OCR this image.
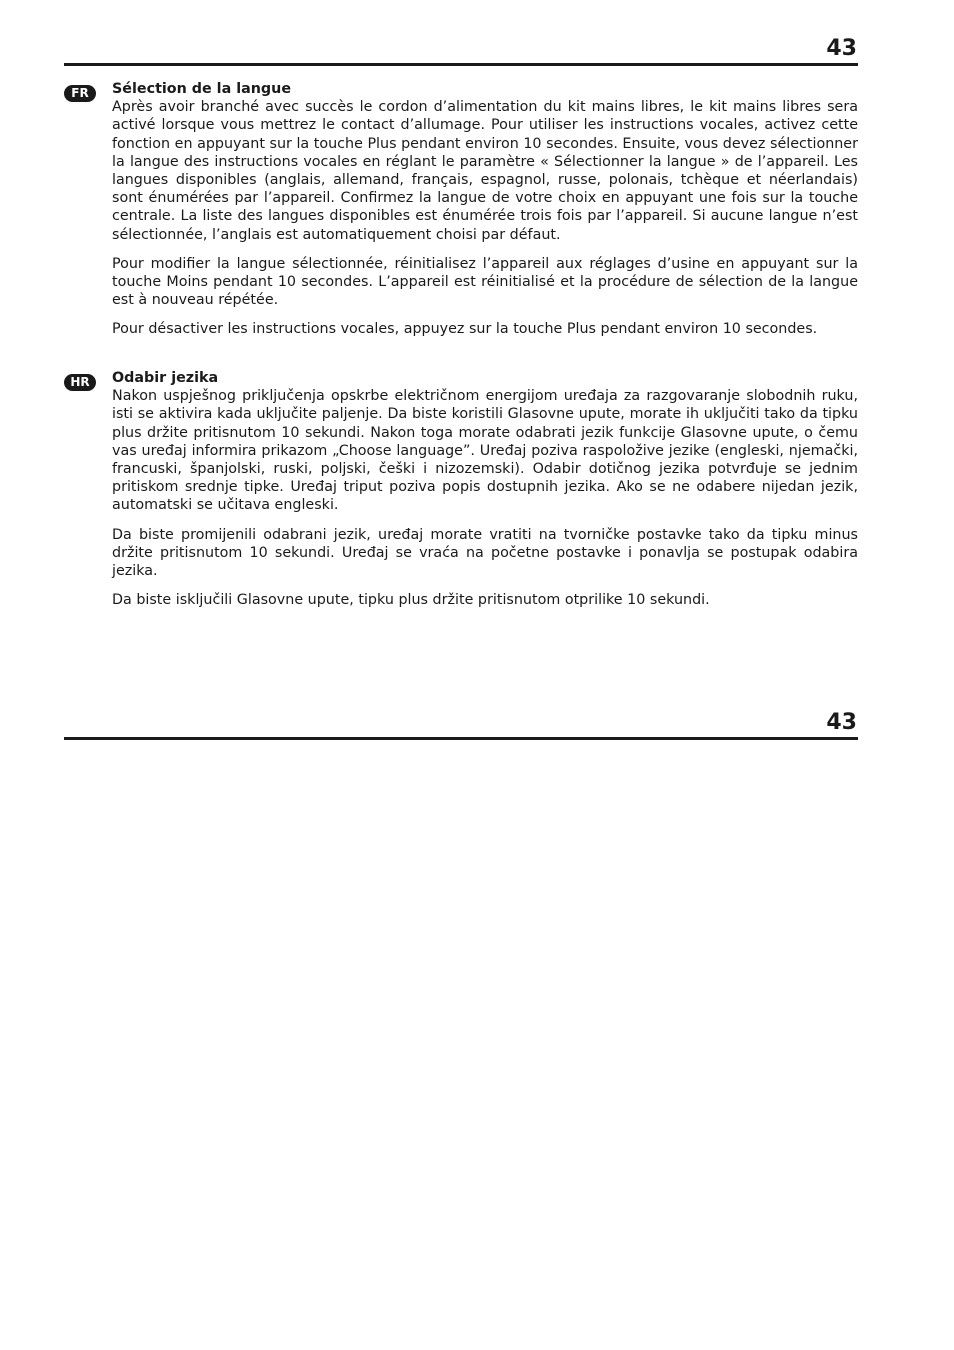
43
FR	Sélection de la langue

Après avoir branché avec succès le cordon d’alimentation du kit mains libres, le kit mains libres sera activé lorsque vous mettrez le contact d’allumage. Pour utiliser les instructions vocales, activez cette fonction en appuyant sur la touche Plus pendant environ 10 secondes. Ensuite, vous devez sélectionner la langue des instructions vocales en réglant le paramètre « Sélectionner la langue » de l’appareil. Les langues disponibles (anglais, allemand, français, espagnol, russe, polonais, tchèque et néerlandais) sont énumérées par l’appareil. Confirmez la langue de votre choix en appuyant une fois sur la touche centrale. La liste des langues disponibles est énumérée trois fois par l’appareil. Si aucune langue n’est sélectionnée, l’anglais est automatiquement choisi par défaut.

Pour modifier la langue sélectionnée, réinitialisez l’appareil aux réglages d’usine en appuyant sur la touche Moins pendant 10 secondes. L’appareil est réinitialisé et la procédure de sélection de la langue est à nouveau répétée.

Pour désactiver les instructions vocales, appuyez sur la touche Plus pendant environ 10 secondes.

HR	Odabir jezika

Nakon uspješnog priključenja opskrbe električnom energijom uređaja za razgovaranje slobodnih ruku, isti se aktivira kada uključite paljenje. Da biste koristili Glasovne upute, morate ih uključiti tako da tipku plus držite pritisnutom 10 sekundi. Nakon toga morate odabrati jezik funkcije Glasovne upute, o čemu vas uređaj informira prikazom „Choose language”. Uređaj poziva raspoložive jezike (engleski, njemački, francuski, španjolski, ruski, poljski, češki i nizozemski). Odabir dotičnog jezika potvrđuje se jednim pritiskom srednje tipke. Uređaj triput poziva popis dostupnih jezika. Ako se ne odabere nijedan jezik, automatski se učitava engleski.

Da biste promijenili odabrani jezik, uređaj morate vratiti na tvorničke postavke tako da tipku minus držite pritisnutom 10 sekundi. Uređaj se vraća na početne postavke i ponavlja se postupak odabira jezika.

Da biste isključili Glasovne upute, tipku plus držite pritisnutom otprilike 10 sekundi.

43
